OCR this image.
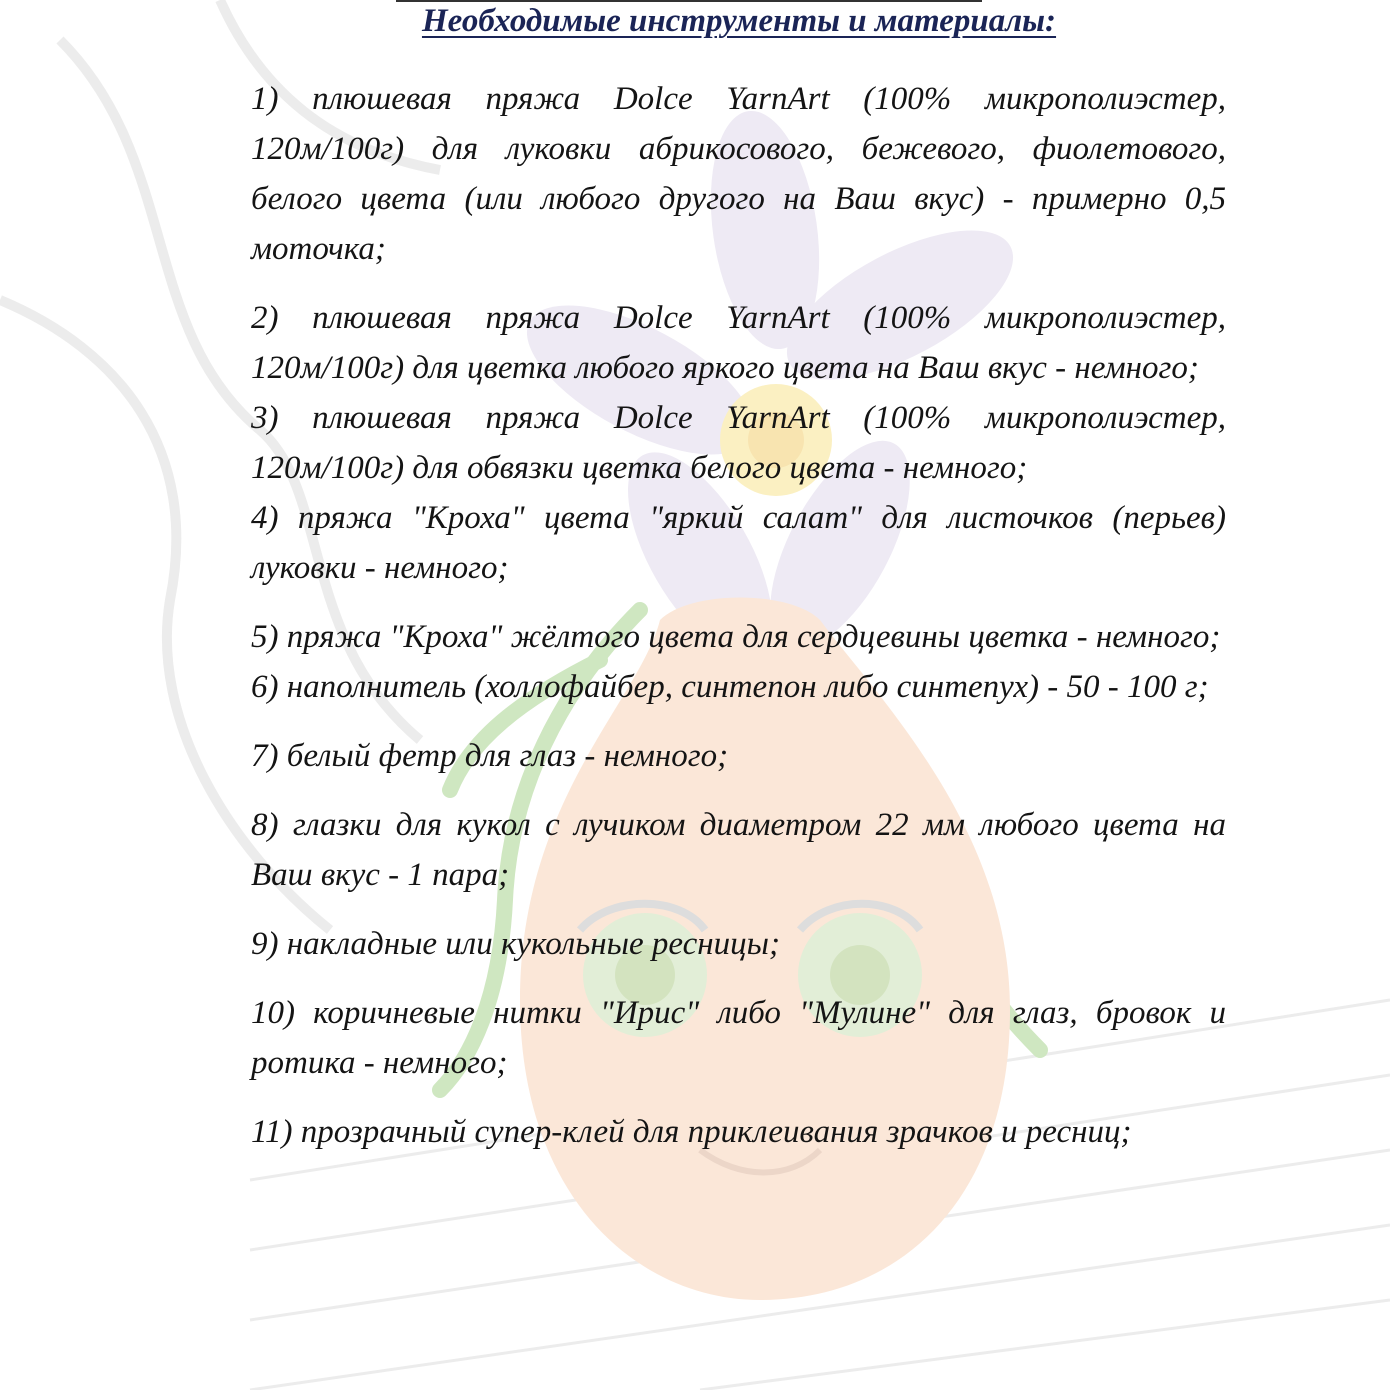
Необходимые инструменты и материалы:

1) плюшевая пряжа Dolce YarnArt (100% микрополиэстер, 120м/100г) для луковки абрикосового, бежевого, фиолетового, белого цвета (или любого другого на Ваш вкус) - примерно 0,5 моточка;

2) плюшевая пряжа Dolce YarnArt (100% микрополиэстер, 120м/100г) для цветка любого яркого цвета на Ваш вкус - немного;

3) плюшевая пряжа Dolce YarnArt (100% микрополиэстер, 120м/100г) для обвязки цветка белого цвета - немного;

4) пряжа "Кроха" цвета "яркий салат" для листочков (перьев) луковки - немного;

5) пряжа "Кроха" жёлтого цвета для сердцевины цветка - немного;

6) наполнитель (холлофайбер, синтепон либо синтепух) - 50 - 100 г;

7) белый фетр для глаз - немного;

8) глазки для кукол с лучиком диаметром 22 мм любого цвета на Ваш вкус - 1 пара;

9) накладные или кукольные ресницы;

10) коричневые нитки "Ирис" либо "Мулине" для глаз, бровок и ротика - немного;

11) прозрачный супер-клей для приклеивания зрачков и ресниц;
